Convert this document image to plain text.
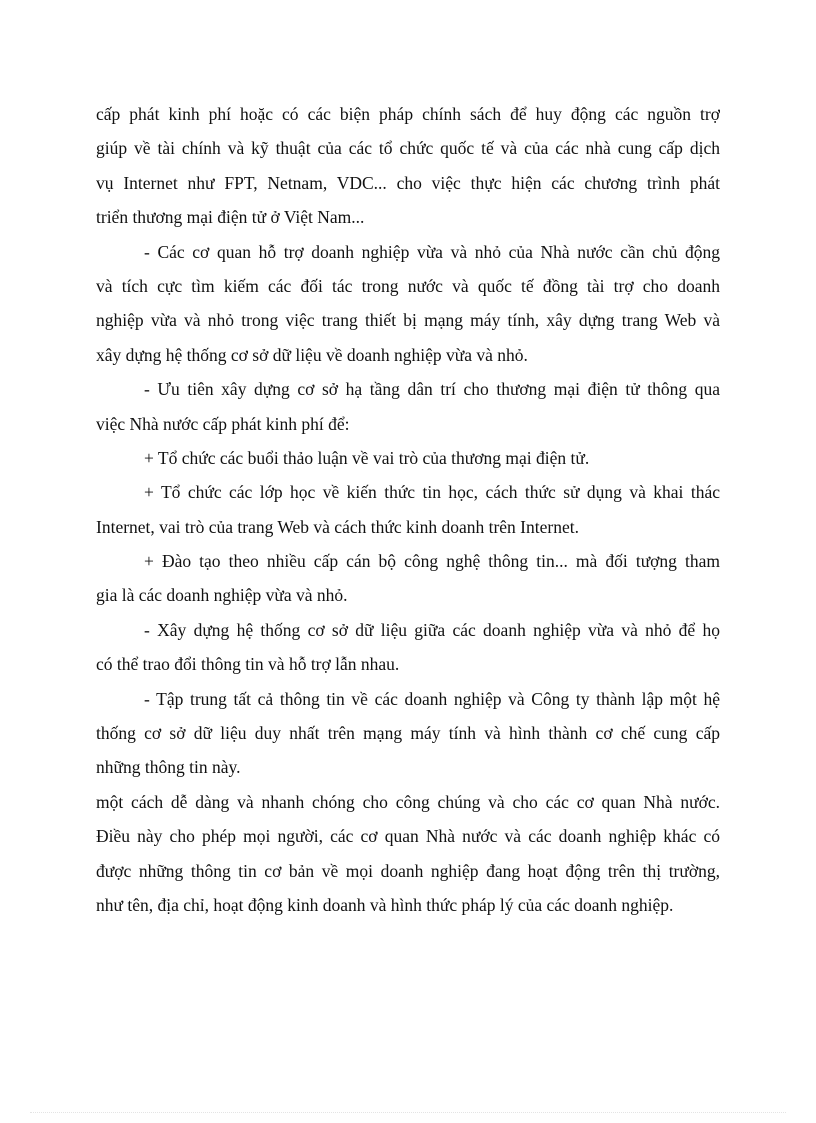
cấp phát kinh phí hoặc có các biện pháp chính sách để huy động các nguồn trợ
giúp về tài chính và kỹ thuật của các tổ chức quốc tế và của các nhà cung cấp dịch
vụ Internet như FPT, Netnam, VDC... cho việc thực hiện các chương trình phát
triển thương mại điện tử ở Việt Nam...
- Các cơ quan hỗ trợ doanh nghiệp vừa và nhỏ của Nhà nước cần chủ động
và tích cực tìm kiếm các đối tác trong nước và quốc tế đồng tài trợ cho doanh
nghiệp vừa và nhỏ trong việc trang thiết bị mạng máy tính, xây dựng trang Web và
xây dựng hệ thống cơ sở dữ liệu về doanh nghiệp vừa và nhỏ.
- Ưu tiên xây dựng cơ sở hạ tầng dân trí cho thương mại điện tử thông qua
việc Nhà nước cấp phát kinh phí để:
+ Tổ chức các buổi thảo luận về vai trò của thương mại điện tử.
+ Tổ chức các lớp học về kiến thức tin học, cách thức sử dụng và khai thác
Internet, vai trò của trang Web và cách thức kinh doanh trên Internet.
+ Đào tạo theo nhiều cấp cán bộ công nghệ thông tin... mà đối tượng tham
gia là các doanh nghiệp vừa và nhỏ.
- Xây dựng hệ thống cơ sở dữ liệu giữa các doanh nghiệp vừa và nhỏ để họ
có thể trao đổi thông tin và hỗ trợ lẫn nhau.
- Tập trung tất cả thông tin về các doanh nghiệp và Công ty thành lập một hệ
thống cơ sở dữ liệu duy nhất trên mạng máy tính và hình thành cơ chế cung cấp
những thông tin này.
một cách dễ dàng và nhanh chóng cho công chúng và cho các cơ quan Nhà nước.
Điều này cho phép mọi người, các cơ quan Nhà nước và các doanh nghiệp khác có
được những thông tin cơ bản về mọi doanh nghiệp đang hoạt động trên thị trường,
như tên, địa chỉ, hoạt động kinh doanh và hình thức pháp lý của các doanh nghiệp.
